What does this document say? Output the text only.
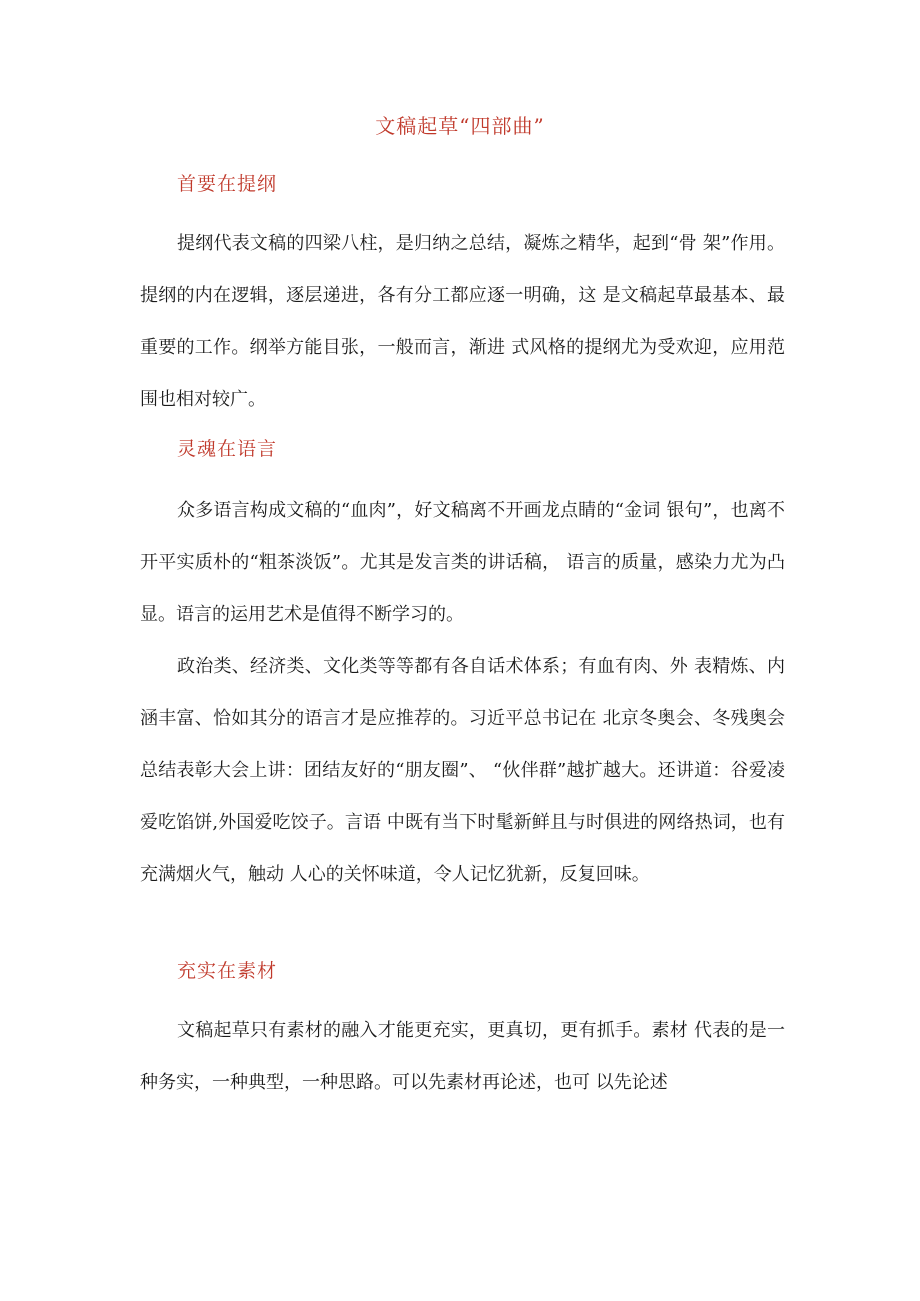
文稿起草“四部曲”
首要在提纲

提纲代表文稿的四梁八柱，是归纳之总结，凝炼之精华，起到“骨 架”作用。提纲的内在逻辑，逐层递进，各有分工都应逐一明确，这 是文稿起草最基本、最重要的工作。纲举方能目张，一般而言，渐进 式风格的提纲尤为受欢迎，应用范围也相对较广。

灵魂在语言

众多语言构成文稿的“血肉”，好文稿离不开画龙点睛的“金词 银句”，也离不开平实质朴的“粗茶淡饭”。尤其是发言类的讲话稿， 语言的质量，感染力尤为凸显。语言的运用艺术是值得不断学习的。

政治类、经济类、文化类等等都有各自话术体系；有血有肉、外 表精炼、内涵丰富、恰如其分的语言才是应推荐的。习近平总书记在 北京冬奥会、冬残奥会总结表彰大会上讲：团结友好的“朋友圈”、 “伙伴群”越扩越大。还讲道：谷爱凌爱吃馅饼,外国爱吃饺子。言语 中既有当下时髦新鲜且与时俱进的网络热词，也有充满烟火气，触动 人心的关怀味道，令人记忆犹新，反复回味。

充实在素材

文稿起草只有素材的融入才能更充实，更真切，更有抓手。素材 代表的是一种务实，一种典型，一种思路。可以先素材再论述，也可 以先论述
